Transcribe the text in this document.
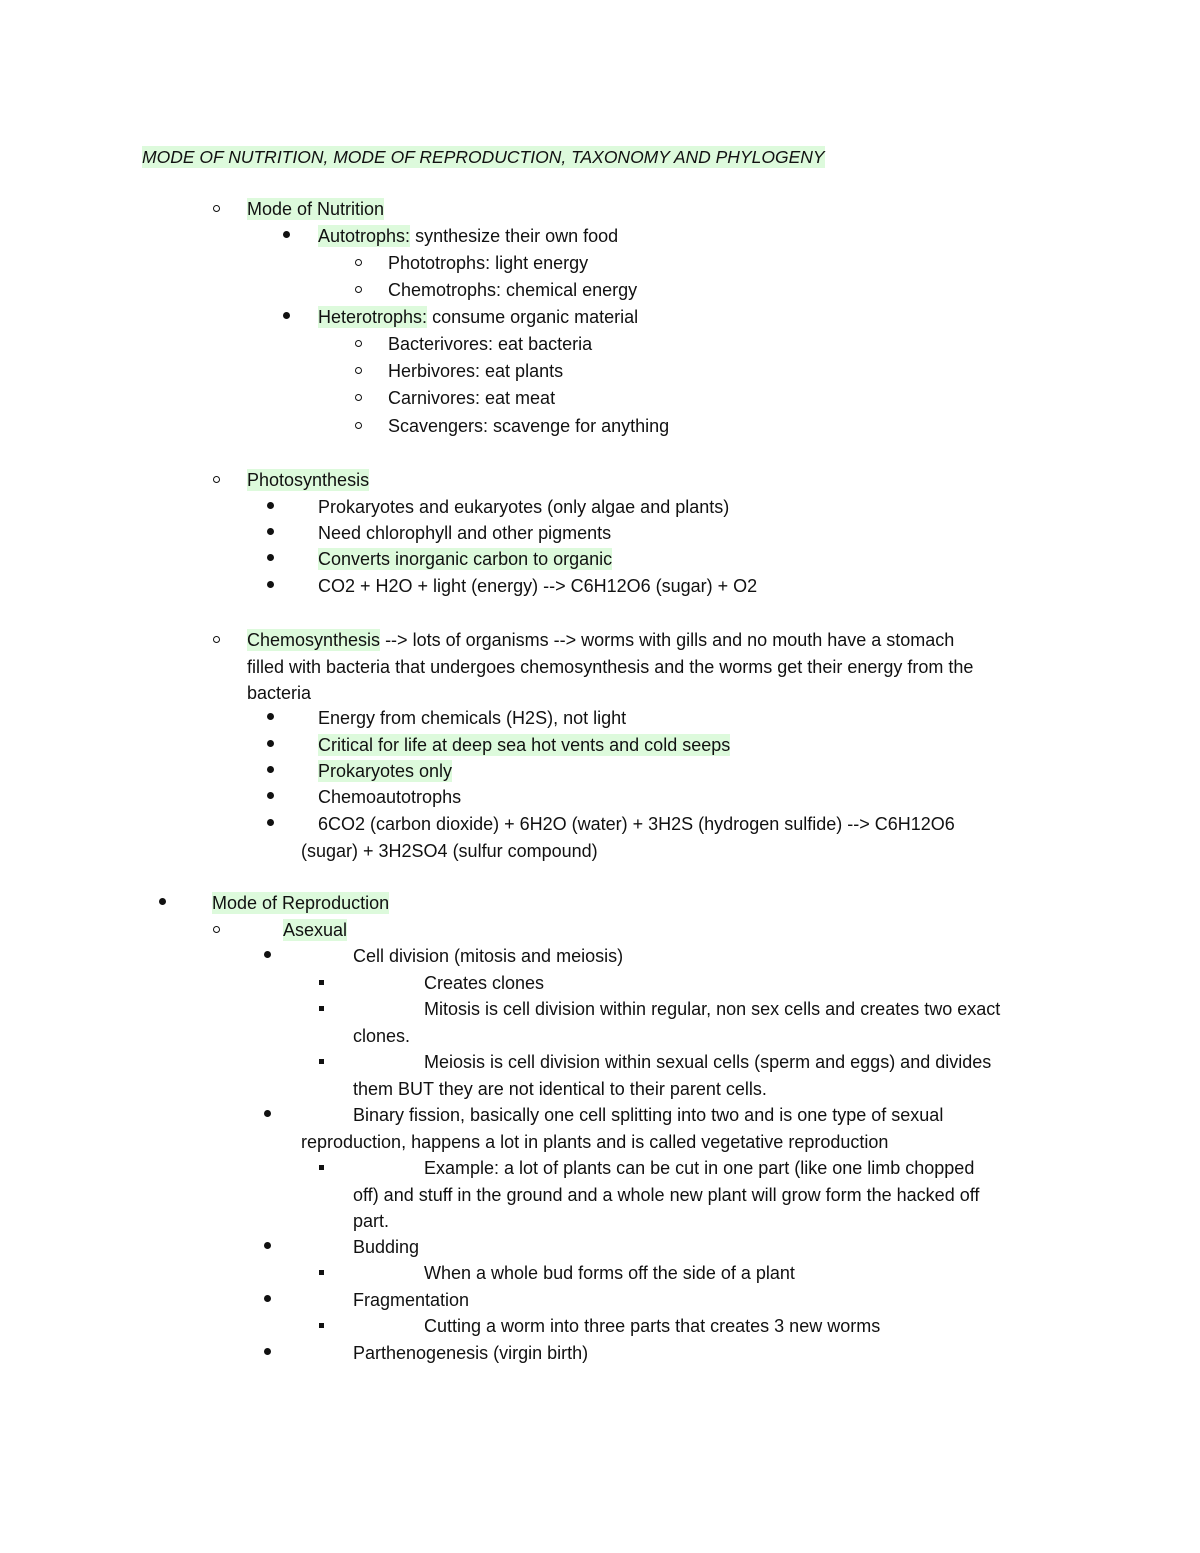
MODE OF NUTRITION, MODE OF REPRODUCTION, TAXONOMY AND PHYLOGENY
Mode of Nutrition
Autotrophs: synthesize their own food
Phototrophs: light energy
Chemotrophs: chemical energy
Heterotrophs: consume organic material
Bacterivores: eat bacteria
Herbivores: eat plants
Carnivores: eat meat
Scavengers: scavenge for anything
Photosynthesis
Prokaryotes and eukaryotes (only algae and plants)
Need chlorophyll and other pigments
Converts inorganic carbon to organic
CO2 + H2O + light (energy) --> C6H12O6 (sugar) + O2
Chemosynthesis --> lots of organisms --> worms with gills and no mouth have a stomach
filled with bacteria that undergoes chemosynthesis and the worms get their energy from the
bacteria
Energy from chemicals (H2S), not light
Critical for life at deep sea hot vents and cold seeps
Prokaryotes only
Chemoautotrophs
6CO2 (carbon dioxide) + 6H2O (water) + 3H2S (hydrogen sulfide) --> C6H12O6
(sugar) + 3H2SO4 (sulfur compound)
Mode of Reproduction
Asexual
Cell division (mitosis and meiosis)
Creates clones
Mitosis is cell division within regular, non sex cells and creates two exact
clones.
Meiosis is cell division within sexual cells (sperm and eggs) and divides
them BUT they are not identical to their parent cells.
Binary fission, basically one cell splitting into two and is one type of sexual
reproduction, happens a lot in plants and is called vegetative reproduction
Example: a lot of plants can be cut in one part (like one limb chopped
off) and stuff in the ground and a whole new plant will grow form the hacked off
part.
Budding
When a whole bud forms off the side of a plant
Fragmentation
Cutting a worm into three parts that creates 3 new worms
Parthenogenesis (virgin birth)
